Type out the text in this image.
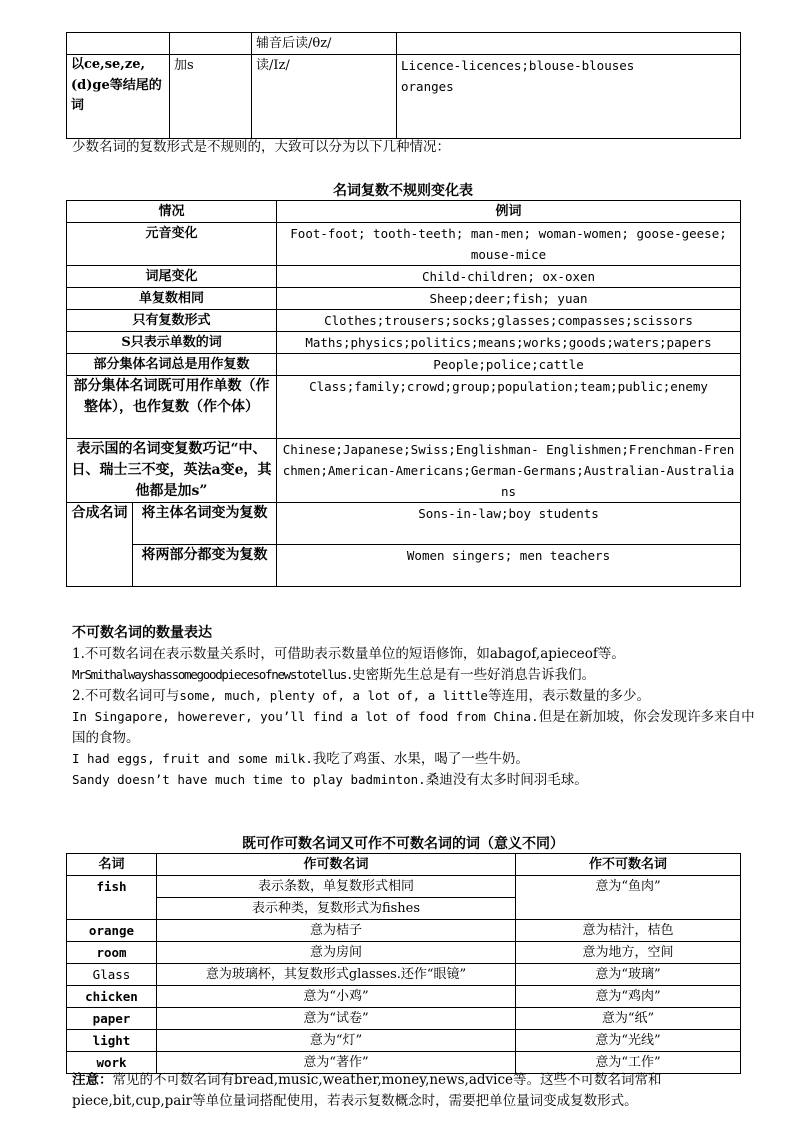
		辅音后读/θz/	
以ce,se,ze,(d)ge等结尾的词	加s	读/Iz/	Licence-licences;blouse-blouses
oranges
少数名词的复数形式是不规则的，大致可以分为以下几种情况：
名词复数不规则变化表
情况		例词
元音变化		Foot-foot; tooth-teeth; man-men; woman-women; goose-geese; mouse-mice
词尾变化		Child-children; ox-oxen
单复数相同		Sheep;deer;fish; yuan
只有复数形式		Clothes;trousers;socks;glasses;compasses;scissors
S只表示单数的词		Maths;physics;politics;means;works;goods;waters;papers
部分集体名词总是用作复数		People;police;cattle
部分集体名词既可用作单数（作整体），也作复数（作个体）		Class;family;crowd;group;population;team;public;enemy
表示国的名词变复数巧记“中、日、瑞士三不变，英法a变e，其他都是加s”		Chinese;Japanese;Swiss;Englishman- Englishmen;Frenchman-Frenchmen;American-Americans;German-Germans;Australian-Australians
合成名词	将主体名词变为复数	Sons-in-law;boy students
	将两部分都变为复数	Women singers; men teachers
不可数名词的数量表达
1.不可数名词在表示数量关系时，可借助表示数量单位的短语修饰，如abagof,apieceof等。
MrSmithalwayshassomegoodpiecesofnewstotellus.史密斯先生总是有一些好消息告诉我们。
2.不可数名词可与some, much, plenty of, a lot of, a little等连用，表示数量的多少。
In Singapore, howerever, you’ll find a lot of food from China.但是在新加坡，你会发现许多来自中国的食物。
I had eggs, fruit and some milk.我吃了鸡蛋、水果，喝了一些牛奶。
Sandy doesn’t have much time to play badminton.桑迪没有太多时间羽毛球。
既可作可数名词又可作不可数名词的词（意义不同）
名词	作可数名词	作不可数名词
fish	表示条数，单复数形式相同	意为“鱼肉”
	表示种类，复数形式为fishes	
orange	意为桔子	意为桔汁，桔色
room	意为房间	意为地方，空间
Glass	意为玻璃杯，其复数形式glasses.还作“眼镜”	意为“玻璃”
chicken	意为“小鸡”	意为“鸡肉”
paper	意为“试卷”	意为“纸”
light	意为“灯”	意为“光线”
work	意为“著作”	意为“工作”
注意：常见的不可数名词有bread,music,weather,money,news,advice等。这些不可数名词常和
piece,bit,cup,pair等单位量词搭配使用，若表示复数概念时，需要把单位量词变成复数形式。
